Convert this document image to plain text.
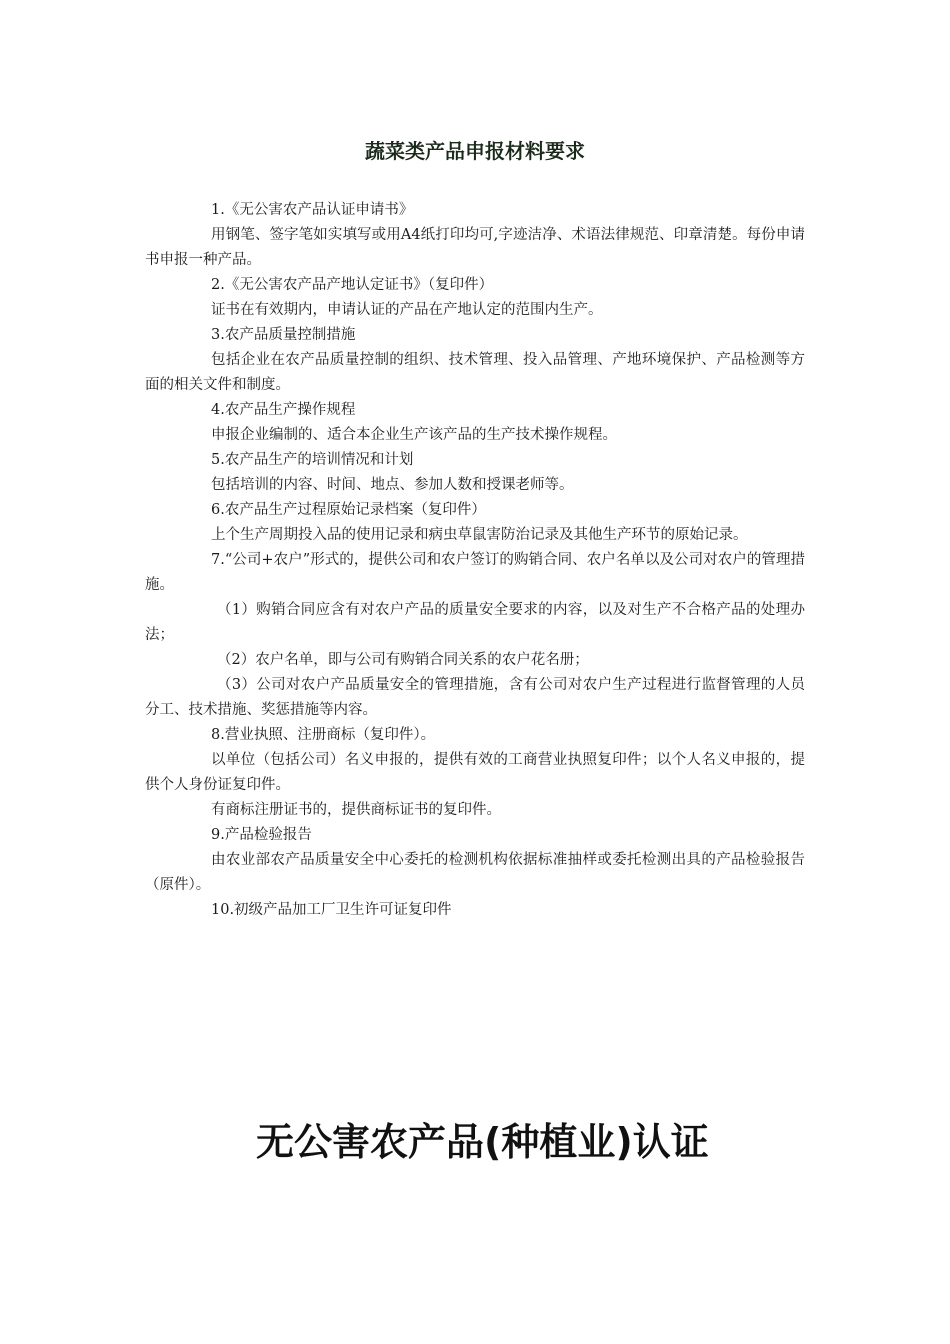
蔬菜类产品申报材料要求

1.《无公害农产品认证申请书》

用钢笔、签字笔如实填写或用A4纸打印均可,字迹洁净、术语法律规范、印章清楚。每份申请书申报一种产品。

2.《无公害农产品产地认定证书》（复印件）

证书在有效期内，申请认证的产品在产地认定的范围内生产。

3.农产品质量控制措施

包括企业在农产品质量控制的组织、技术管理、投入品管理、产地环境保护、产品检测等方面的相关文件和制度。

4.农产品生产操作规程

申报企业编制的、适合本企业生产该产品的生产技术操作规程。

5.农产品生产的培训情况和计划

包括培训的内容、时间、地点、参加人数和授课老师等。

6.农产品生产过程原始记录档案（复印件）

上个生产周期投入品的使用记录和病虫草鼠害防治记录及其他生产环节的原始记录。

7.“公司+农户”形式的，提供公司和农户签订的购销合同、农户名单以及公司对农户的管理措施。

（1）购销合同应含有对农户产品的质量安全要求的内容，以及对生产不合格产品的处理办法；

（2）农户名单，即与公司有购销合同关系的农户花名册；

（3）公司对农户产品质量安全的管理措施，含有公司对农户生产过程进行监督管理的人员分工、技术措施、奖惩措施等内容。

8.营业执照、注册商标（复印件）。

以单位（包括公司）名义申报的，提供有效的工商营业执照复印件；以个人名义申报的，提供个人身份证复印件。

有商标注册证书的，提供商标证书的复印件。

9.产品检验报告

由农业部农产品质量安全中心委托的检测机构依据标准抽样或委托检测出具的产品检验报告（原件）。

10.初级产品加工厂卫生许可证复印件

无公害农产品(种植业)认证
